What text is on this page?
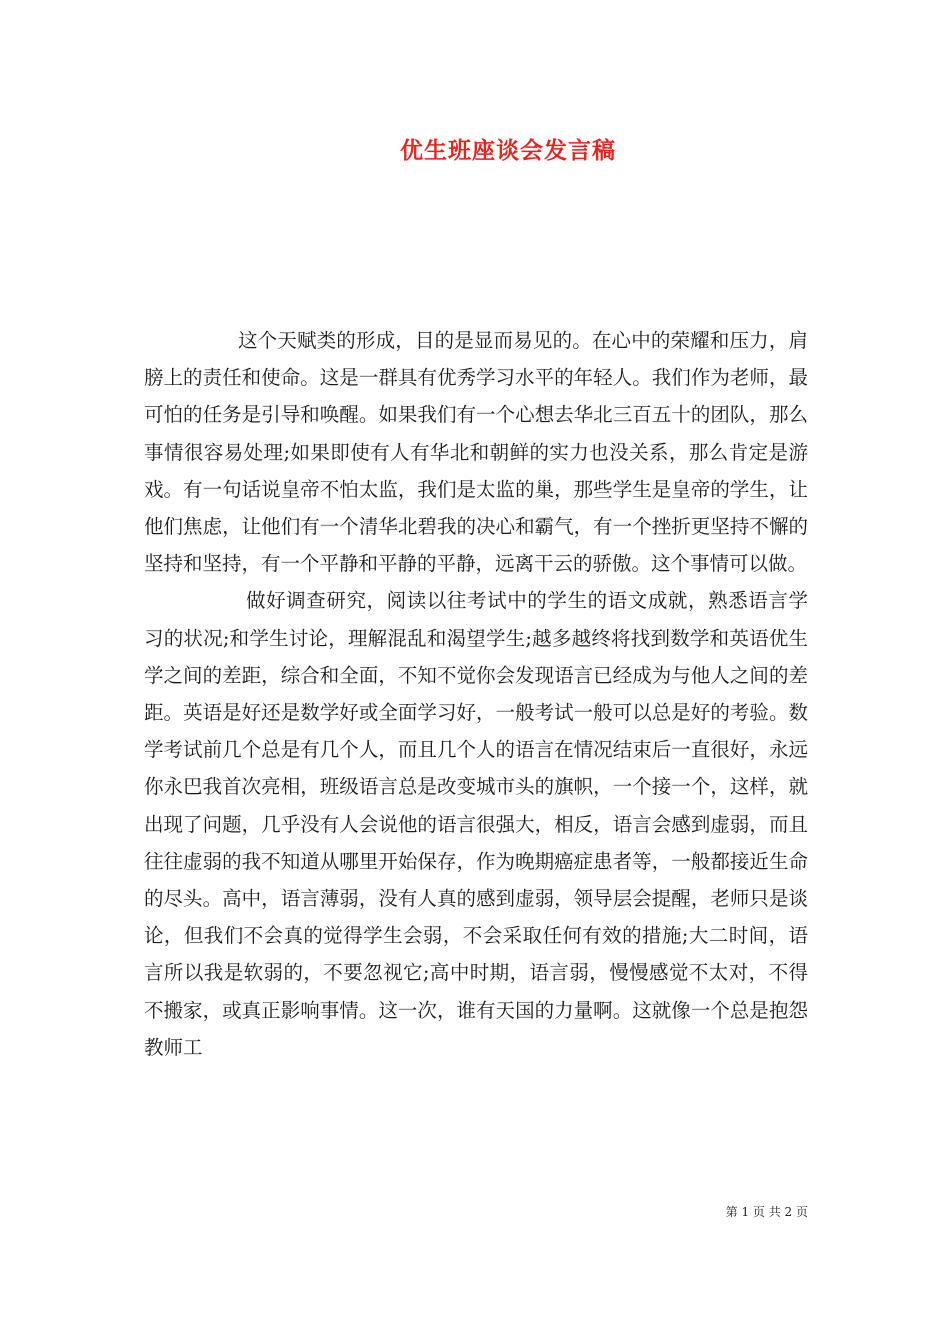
优生班座谈会发言稿

这个天赋类的形成，目的是显而易见的。在心中的荣耀和压力，肩膀上的责任和使命。这是一群具有优秀学习水平的年轻人。我们作为老师，最可怕的任务是引导和唤醒。如果我们有一个心想去华北三百五十的团队，那么事情很容易处理;如果即使有人有华北和朝鲜的实力也没关系，那么肯定是游戏。有一句话说皇帝不怕太监，我们是太监的巢，那些学生是皇帝的学生，让他们焦虑，让他们有一个清华北碧我的决心和霸气，有一个挫折更坚持不懈的坚持和坚持，有一个平静和平静的平静，远离干云的骄傲。这个事情可以做。

做好调查研究，阅读以往考试中的学生的语文成就，熟悉语言学习的状况;和学生讨论，理解混乱和渴望学生;越多越终将找到数学和英语优生学之间的差距，综合和全面，不知不觉你会发现语言已经成为与他人之间的差距。英语是好还是数学好或全面学习好，一般考试一般可以总是好的考验。数学考试前几个总是有几个人，而且几个人的语言在情况结束后一直很好，永远你永巴我首次亮相，班级语言总是改变城市头的旗帜，一个接一个，这样，就出现了问题，几乎没有人会说他的语言很强大，相反，语言会感到虚弱，而且往往虚弱的我不知道从哪里开始保存，作为晚期癌症患者等，一般都接近生命的尽头。高中，语言薄弱，没有人真的感到虚弱，领导层会提醒，老师只是谈论，但我们不会真的觉得学生会弱，不会采取任何有效的措施;大二时间，语言所以我是软弱的，不要忽视它;高中时期，语言弱，慢慢感觉不太对，不得不搬家，或真正影响事情。这一次，谁有天国的力量啊。这就像一个总是抱怨教师工

第 1 页 共 2 页
